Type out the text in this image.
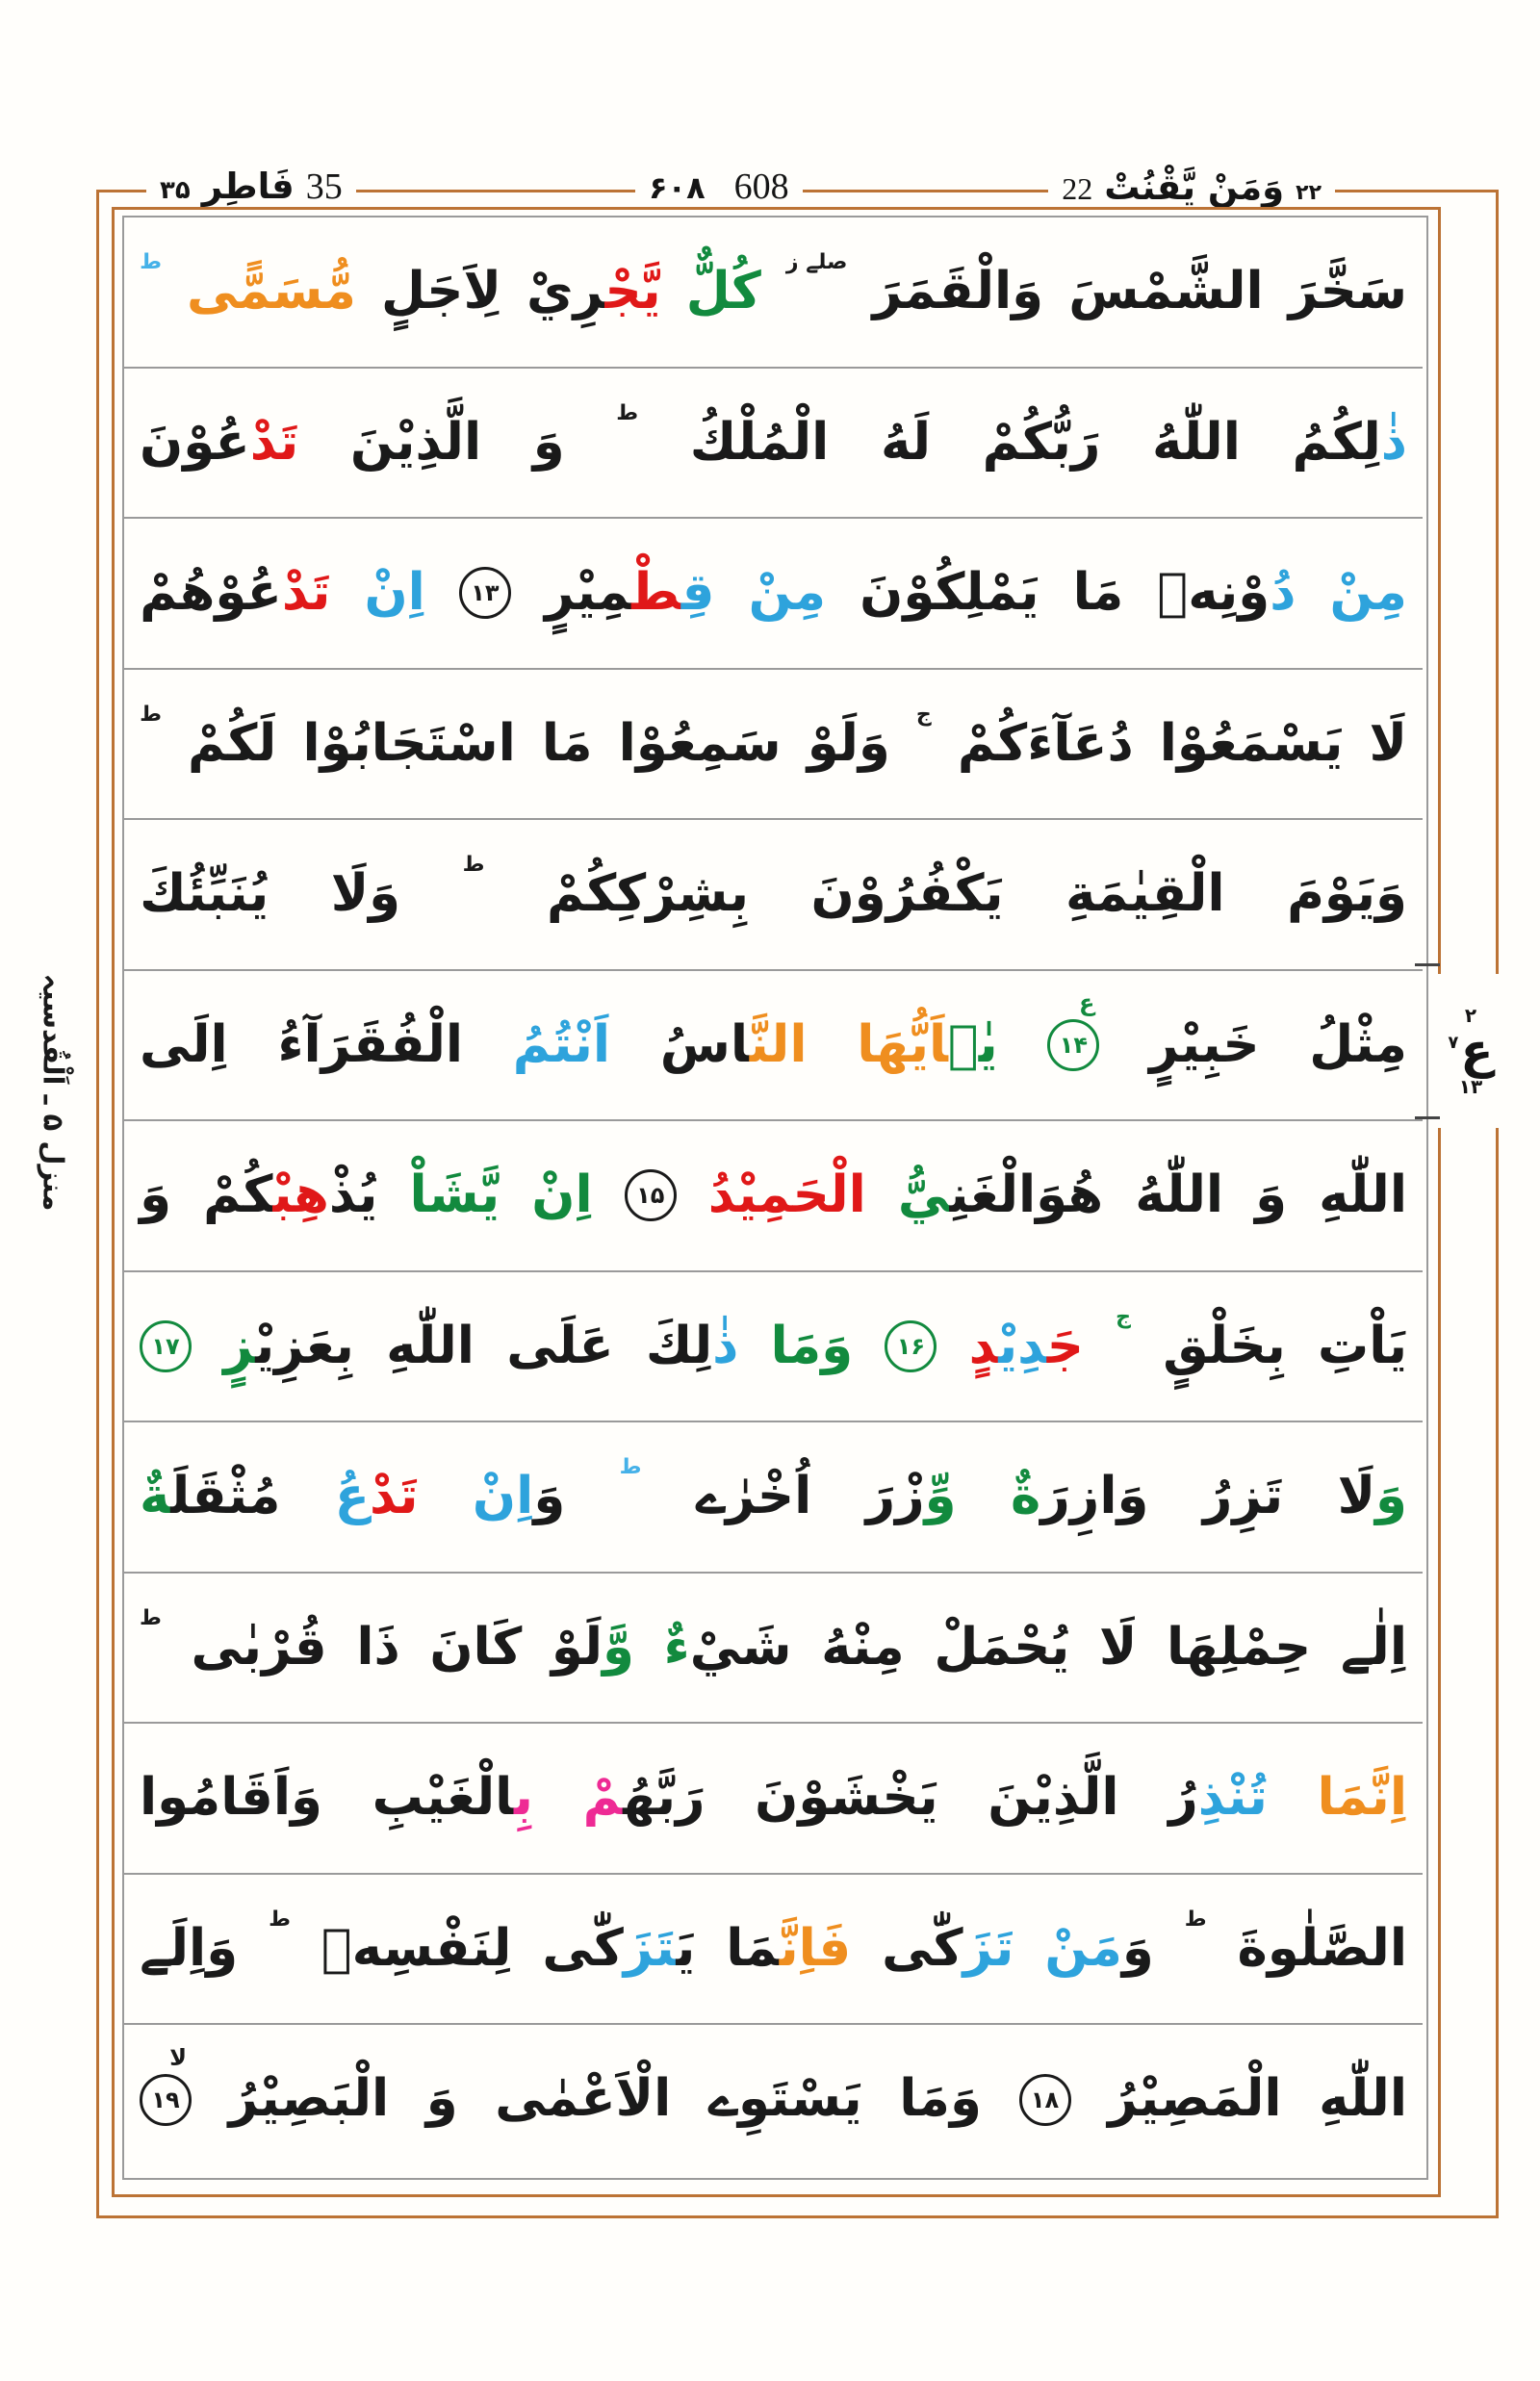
۳۵ فَاطِر 35	۶۰۸ 608	22 وَمَنْ يَّقْنُتْ ۲۲
سَخَّرَ
الشَّمْسَ
وَالْقَمَرَ
صلے ز
كُلٌّ
يَّجْرِيْ
لِاَجَلٍ
مُّسَمًّى
ط
ذٰلِكُمُ
اللّٰهُ
رَبُّكُمْ
لَهُ
الْمُلْكُ
ط
وَ
الَّذِيْنَ
تَدْعُوْنَ
مِنْ
دُوْنِهٖ
مَا
يَمْلِكُوْنَ
مِنْ
قِطْمِيْرٍ
۱۳
اِنْ
تَدْعُوْهُمْ
لَا
يَسْمَعُوْا
دُعَآءَكُمْ
ج
وَلَوْ
سَمِعُوْا
مَا
اسْتَجَابُوْا
لَكُمْ
ط
وَيَوْمَ
الْقِيٰمَةِ
يَكْفُرُوْنَ
بِشِرْكِكُمْ
ط
وَلَا
يُنَبِّئُكَ
مِثْلُ
خَبِيْرٍ
ع
۱۴
يٰۤاَيُّهَا
النَّاسُ
اَنْتُمُ
الْفُقَرَآءُ
اِلَى
اللّٰهِ
وَ
اللّٰهُ
هُوَالْغَنِيُّ
الْحَمِيْدُ
۱۵
اِنْ
يَّشَاْ
يُذْهِبْكُمْ
وَ
يَاْتِ
بِخَلْقٍ
ج
جَدِيْدٍ
۱۶
وَمَا
ذٰلِكَ
عَلَى
اللّٰهِ
بِعَزِيْزٍ
۱۷
وَلَا
تَزِرُ
وَازِرَةٌ
وِّزْرَ
اُخْرٰے
ط
وَاِنْ
تَدْعُ
مُثْقَلَةٌ
اِلٰے
حِمْلِهَا
لَا
يُحْمَلْ
مِنْهُ
شَيْءٌ
وَّلَوْ
كَانَ
ذَا
قُرْبٰى
ط
اِنَّمَا
تُنْذِرُ
الَّذِيْنَ
يَخْشَوْنَ
رَبَّهُمْ
بِالْغَيْبِ
وَاَقَامُوا
الصَّلٰوةَ
ط
وَمَنْ
تَزَكّٰى
فَاِنَّمَا
يَتَزَكّٰى
لِنَفْسِهٖ
ط
وَاِلَے
اللّٰهِ
الْمَصِيْرُ
۱۸
وَمَا
يَسْتَوِے
الْاَعْمٰى
وَ
الْبَصِيْرُ
لا
۱۹
منزل ۵ ـ اَلْقُدسیہ
۲
ع
۷
۱۳
